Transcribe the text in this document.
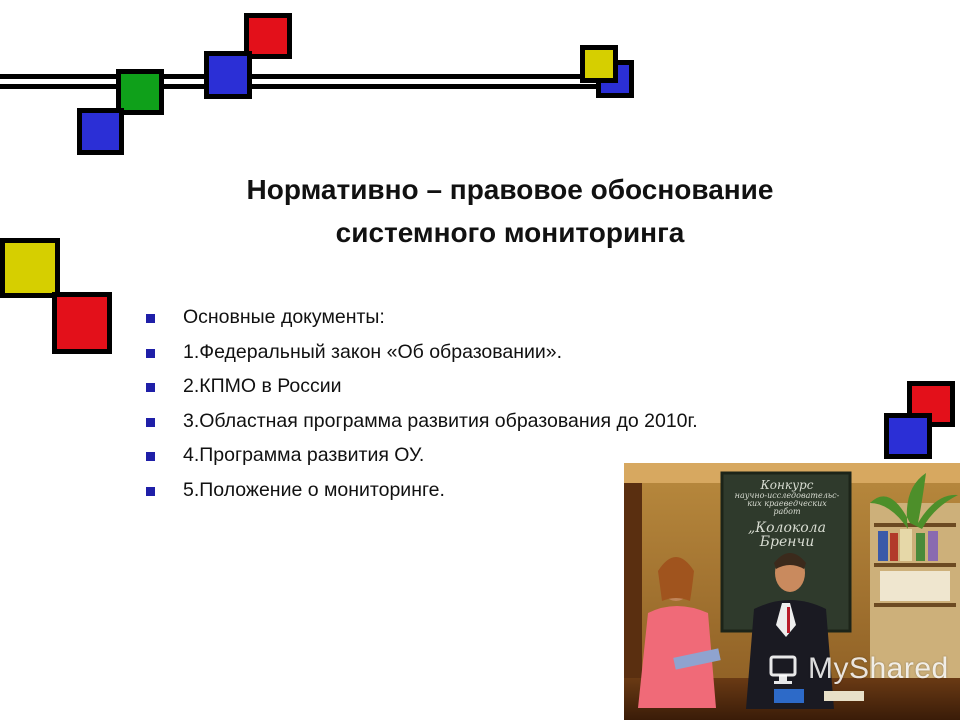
Нормативно – правовое обоснование
системного мониторинга
Основные документы:
1.Федеральный закон «Об образовании».
2.КПМО в России
3.Областная программа развития образования до 2010г.
4.Программа развития ОУ.
5.Положение о мониторинге.	Конкурс
научно-исследовательс-
ких краеведческих
работ
„Колокола
Бренчи
MyShared
